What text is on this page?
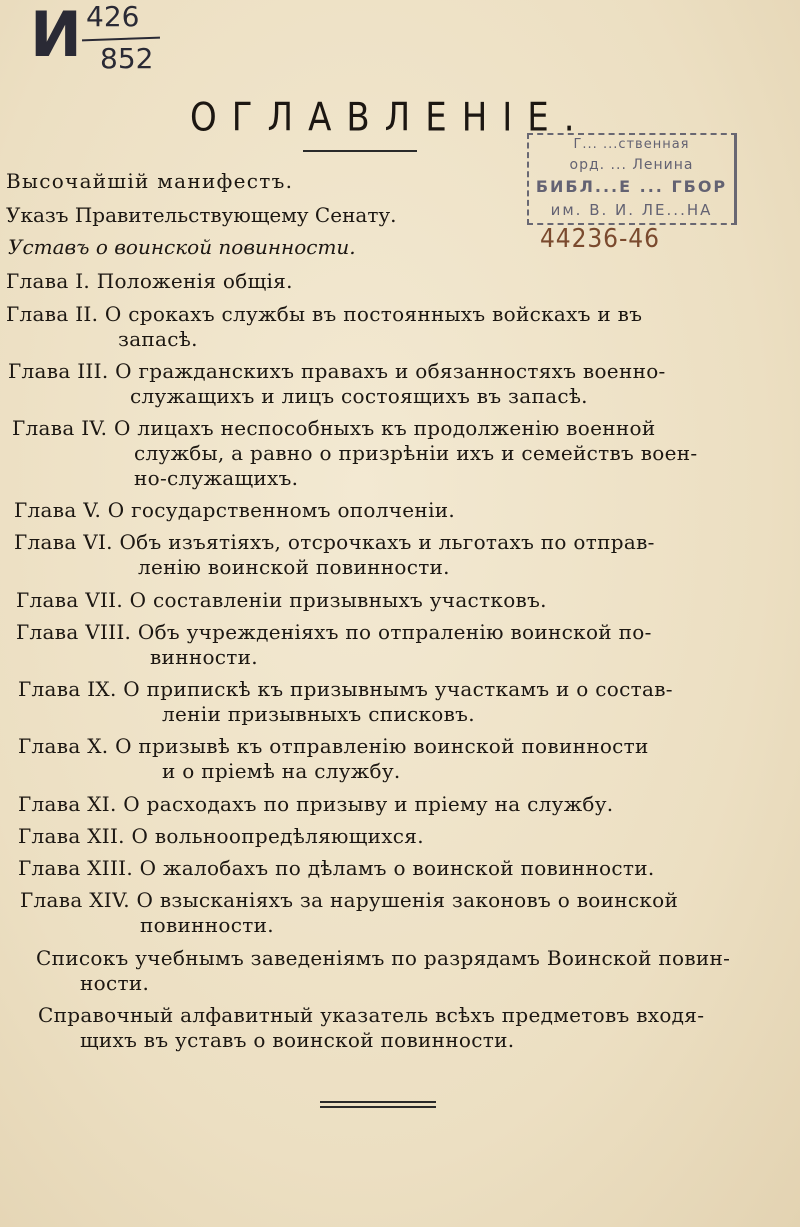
И 426
852
ОГЛАВЛЕНІЕ.
Г... ...ственная
орд. ... Ленина
БИБЛ...Е ... ГБОР
им. В. И. ЛЕ...НА
44236-46
Высочайшій манифестъ.
Указъ Правительствующему Сенату.
Уставъ о воинской повинности.
Глава I. Положенія общія.
Глава II. О срокахъ службы въ постоянныхъ войскахъ и въ
запасѣ.
Глава III. О гражданскихъ правахъ и обязанностяхъ военно-
служащихъ и лицъ состоящихъ въ запасѣ.
Глава IV. О лицахъ неспособныхъ къ продолженію военной
службы, а равно о призрѣніи ихъ и семействъ воен-
но-служащихъ.
Глава V. О государственномъ ополченіи.
Глава VI. Объ изъятіяхъ, отсрочкахъ и льготахъ по отправ-
ленію воинской повинности.
Глава VII. О составленіи призывныхъ участковъ.
Глава VIII. Объ учрежденіяхъ по отпраленію воинской по-
винности.
Глава IX. О припискѣ къ призывнымъ участкамъ и о состав-
леніи призывныхъ списковъ.
Глава X. О призывѣ къ отправленію воинской повинности
и о пріемѣ на службу.
Глава XI. О расходахъ по призыву и пріему на службу.
Глава XII. О вольноопредѣляющихся.
Глава XIII. О жалобахъ по дѣламъ о воинской повинности.
Глава XIV. О взысканіяхъ за нарушенія законовъ о воинской
повинности.
Списокъ учебнымъ заведеніямъ по разрядамъ Воинской повин-
ности.
Справочный алфавитный указатель всѣхъ предметовъ входя-
щихъ въ уставъ о воинской повинности.
